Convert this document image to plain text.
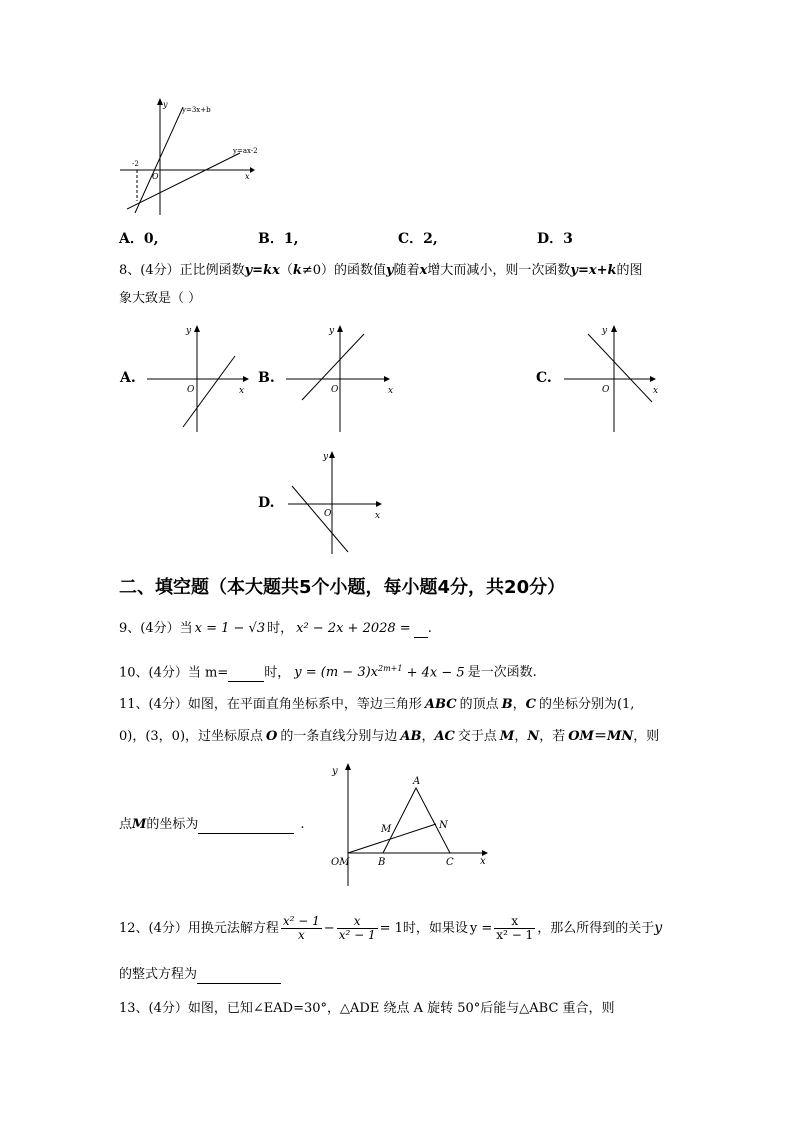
y
y=3x+b
y=ax-2
-2
O	x
A．0,	B．1,	C．2,	D．3
8、(4分）正比例函数y=kx（k≠0）的函数值y随着x增大而减小，则一次函数y=x+k的图
象大致是（ ）
A.	B.	C.
D.
y
O	x
y
O	x
y
O	x
y
O	x
二、填空题（本大题共5个小题，每小题4分，共20分）
9、(4分）当 x = 1 − √3 时， x² − 2x + 2028 = .
10、(4分）当 m=	时， $y = (m - 3)x^{2m+1} + 4x - 5$ 是一次函数.
11、(4分）如图，在平面直角坐标系中，等边三角形 ABC 的顶点 B，C 的坐标分别为(1,
0)，(3，0)，过坐标原点 O 的一条直线分别与边 AB，AC 交于点 M，N，若 OM＝MN，则
点M的坐标为	.
y
A
N
M
OM	B	C	x
12、(4分）用换元法解方程 $\frac{\text{x² − 1}}{x} - \frac{x}{\text{x² − 1}} = 1$时，如果设 $y = \frac{x}{\text{x² − 1}}$ ，那么所得到的关于y
的整式方程为
13、(4分）如图，已知∠EAD=30°，△ADE 绕点 A 旋转 50°后能与△ABC 重合，则
